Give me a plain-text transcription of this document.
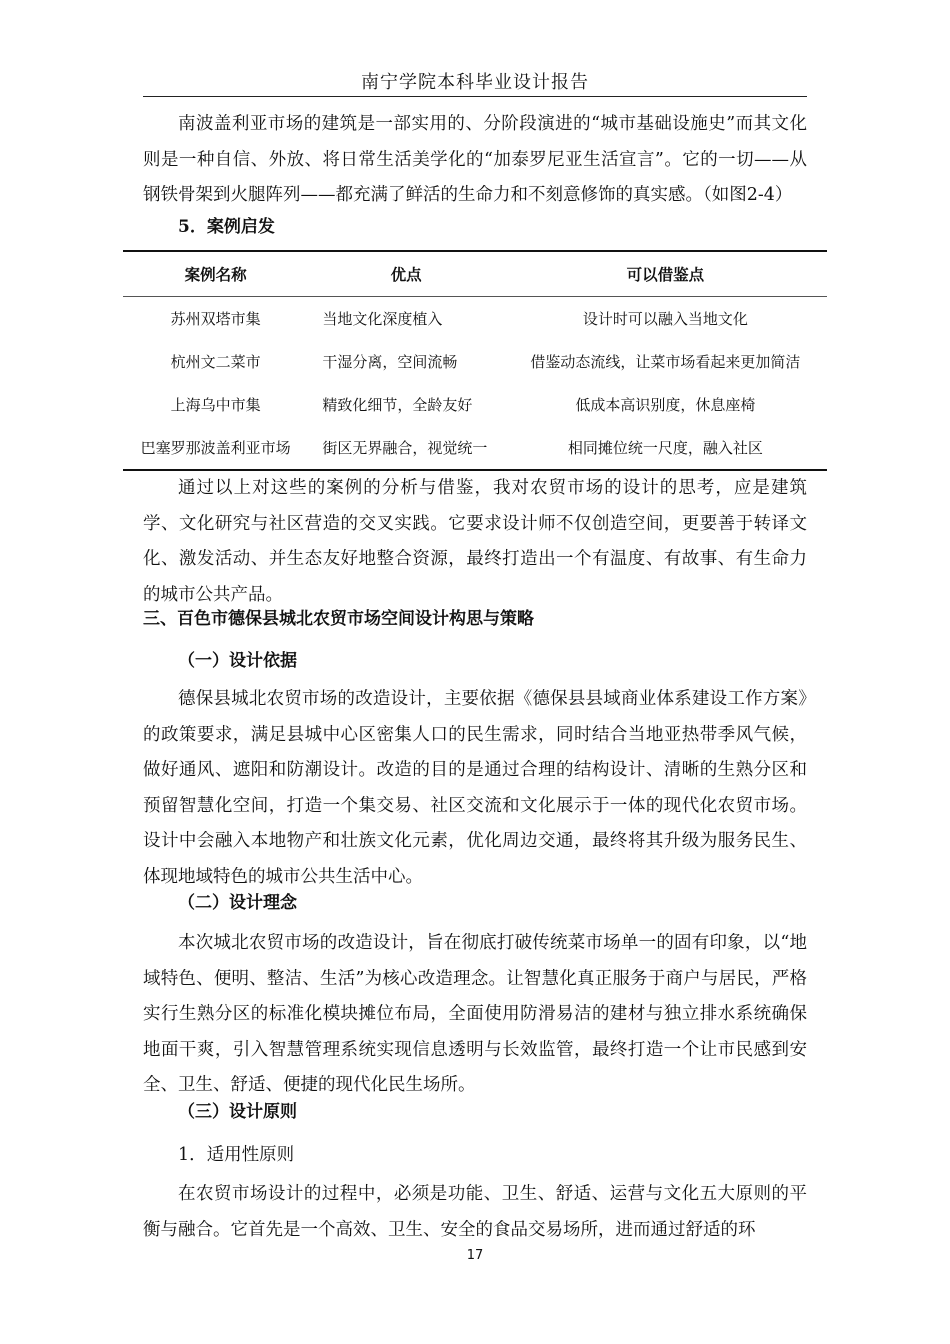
南宁学院本科毕业设计报告
南波盖利亚市场的建筑是一部实用的、分阶段演进的“城市基础设施史”而其文化则是一种自信、外放、将日常生活美学化的“加泰罗尼亚生活宣言”。它的一切——从钢铁骨架到火腿阵列——都充满了鲜活的生命力和不刻意修饰的真实感。（如图2-4）
5．案例启发
案例名称	优点	可以借鉴点
苏州双塔市集	当地文化深度植入	设计时可以融入当地文化
杭州文二菜市	干湿分离，空间流畅	借鉴动态流线，让菜市场看起来更加简洁
上海乌中市集	精致化细节，全龄友好	低成本高识别度，休息座椅
巴塞罗那波盖利亚市场	街区无界融合，视觉统一	相同摊位统一尺度，融入社区
通过以上对这些的案例的分析与借鉴，我对农贸市场的设计的思考，应是建筑学、文化研究与社区营造的交叉实践。它要求设计师不仅创造空间，更要善于转译文化、激发活动、并生态友好地整合资源，最终打造出一个有温度、有故事、有生命力的城市公共产品。
三、百色市德保县城北农贸市场空间设计构思与策略
（一）设计依据
德保县城北农贸市场的改造设计，主要依据《德保县县域商业体系建设工作方案》的政策要求，满足县城中心区密集人口的民生需求，同时结合当地亚热带季风气候，做好通风、遮阳和防潮设计。改造的目的是通过合理的结构设计、清晰的生熟分区和预留智慧化空间，打造一个集交易、社区交流和文化展示于一体的现代化农贸市场。设计中会融入本地物产和壮族文化元素，优化周边交通，最终将其升级为服务民生、体现地域特色的城市公共生活中心。
（二）设计理念
本次城北农贸市场的改造设计，旨在彻底打破传统菜市场单一的固有印象，以“地域特色、便明、整洁、生活”为核心改造理念。让智慧化真正服务于商户与居民，严格实行生熟分区的标准化模块摊位布局，全面使用防滑易洁的建材与独立排水系统确保地面干爽，引入智慧管理系统实现信息透明与长效监管，最终打造一个让市民感到安全、卫生、舒适、便捷的现代化民生场所。
（三）设计原则
1．适用性原则
在农贸市场设计的过程中，必须是功能、卫生、舒适、运营与文化五大原则的平衡与融合。它首先是一个高效、卫生、安全的食品交易场所，进而通过舒适的环
17
